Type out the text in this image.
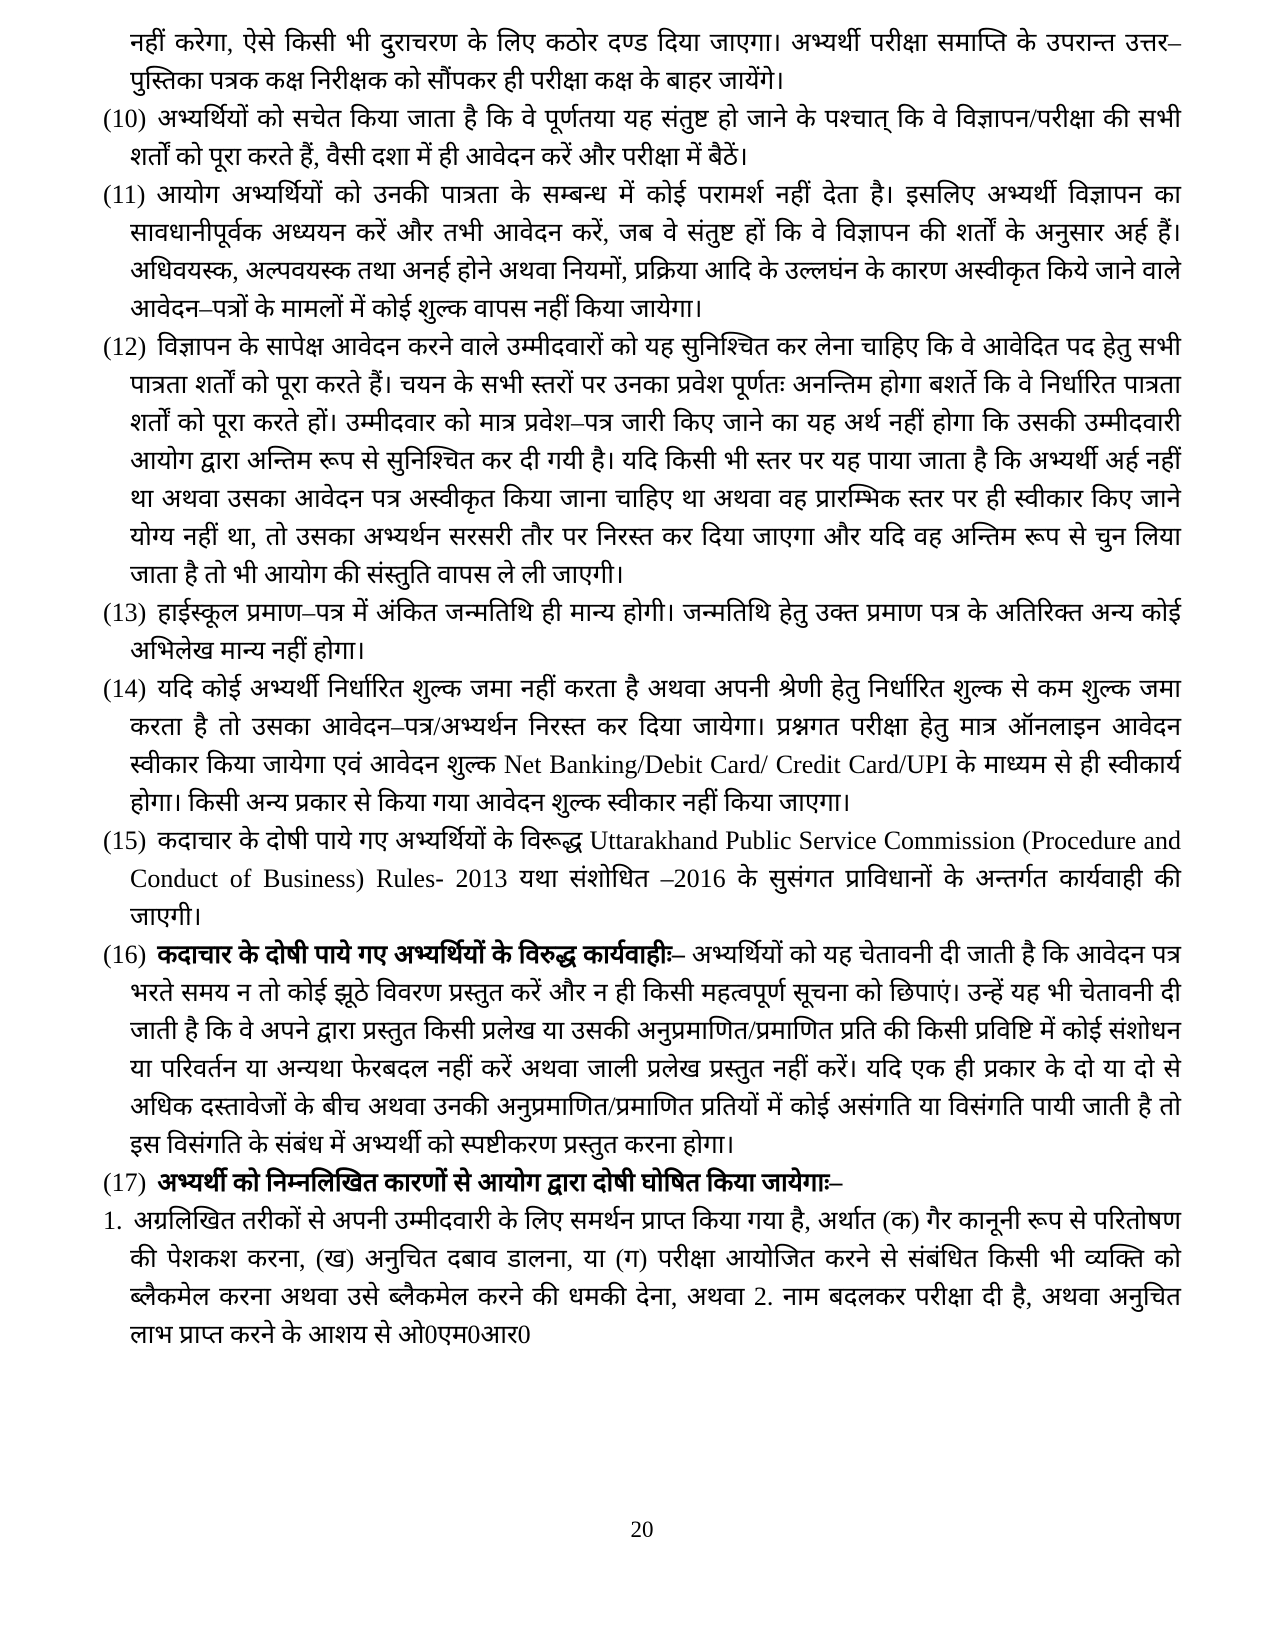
नहीं करेगा, ऐसे किसी भी दुराचरण के लिए कठोर दण्ड दिया जाएगा। अभ्यर्थी परीक्षा समाप्ति के उपरान्त उत्तर–पुस्तिका पत्रक कक्ष निरीक्षक को सौंपकर ही परीक्षा कक्ष के बाहर जायेंगे।

(10) अभ्यर्थियों को सचेत किया जाता है कि वे पूर्णतया यह संतुष्ट हो जाने के पश्चात् कि वे विज्ञापन/परीक्षा की सभी शर्तों को पूरा करते हैं, वैसी दशा में ही आवेदन करें और परीक्षा में बैठें।

(11) आयोग अभ्यर्थियों को उनकी पात्रता के सम्बन्ध में कोई परामर्श नहीं देता है। इसलिए अभ्यर्थी विज्ञापन का सावधानीपूर्वक अध्ययन करें और तभी आवेदन करें, जब वे संतुष्ट हों कि वे विज्ञापन की शर्तों के अनुसार अर्ह हैं। अधिवयस्क, अल्पवयस्क तथा अनर्ह होने अथवा नियमों, प्रक्रिया आदि के उल्लघंन के कारण अस्वीकृत किये जाने वाले आवेदन–पत्रों के मामलों में कोई शुल्क वापस नहीं किया जायेगा।

(12) विज्ञापन के सापेक्ष आवेदन करने वाले उम्मीदवारों को यह सुनिश्चित कर लेना चाहिए कि वे आवेदित पद हेतु सभी पात्रता शर्तों को पूरा करते हैं। चयन के सभी स्तरों पर उनका प्रवेश पूर्णतः अनन्तिम होगा बशर्ते कि वे निर्धारित पात्रता शर्तों को पूरा करते हों। उम्मीदवार को मात्र प्रवेश–पत्र जारी किए जाने का यह अर्थ नहीं होगा कि उसकी उम्मीदवारी आयोग द्वारा अन्तिम रूप से सुनिश्चित कर दी गयी है। यदि किसी भी स्तर पर यह पाया जाता है कि अभ्यर्थी अर्ह नहीं था अथवा उसका आवेदन पत्र अस्वीकृत किया जाना चाहिए था अथवा वह प्रारम्भिक स्तर पर ही स्वीकार किए जाने योग्य नहीं था, तो उसका अभ्यर्थन सरसरी तौर पर निरस्त कर दिया जाएगा और यदि वह अन्तिम रूप से चुन लिया जाता है तो भी आयोग की संस्तुति वापस ले ली जाएगी।

(13) हाईस्कूल प्रमाण–पत्र में अंकित जन्मतिथि ही मान्य होगी। जन्मतिथि हेतु उक्त प्रमाण पत्र के अतिरिक्त अन्य कोई अभिलेख मान्य नहीं होगा।

(14) यदि कोई अभ्यर्थी निर्धारित शुल्क जमा नहीं करता है अथवा अपनी श्रेणी हेतु निर्धारित शुल्क से कम शुल्क जमा करता है तो उसका आवेदन–पत्र/अभ्यर्थन निरस्त कर दिया जायेगा। प्रश्नगत परीक्षा हेतु मात्र ऑनलाइन आवेदन स्वीकार किया जायेगा एवं आवेदन शुल्क Net Banking/Debit Card/ Credit Card/UPI के माध्यम से ही स्वीकार्य होगा। किसी अन्य प्रकार से किया गया आवेदन शुल्क स्वीकार नहीं किया जाएगा।

(15) कदाचार के दोषी पाये गए अभ्यर्थियों के विरूद्ध Uttarakhand Public Service Commission (Procedure and Conduct of Business) Rules- 2013 यथा संशोधित –2016 के सुसंगत प्राविधानों के अन्तर्गत कार्यवाही की जाएगी।

(16) कदाचार के दोषी पाये गए अभ्यर्थियों के विरुद्ध कार्यवाहीः– अभ्यर्थियों को यह चेतावनी दी जाती है कि आवेदन पत्र भरते समय न तो कोई झूठे विवरण प्रस्तुत करें और न ही किसी महत्वपूर्ण सूचना को छिपाएं। उन्हें यह भी चेतावनी दी जाती है कि वे अपने द्वारा प्रस्तुत किसी प्रलेख या उसकी अनुप्रमाणित/प्रमाणित प्रति की किसी प्रविष्टि में कोई संशोधन या परिवर्तन या अन्यथा फेरबदल नहीं करें अथवा जाली प्रलेख प्रस्तुत नहीं करें। यदि एक ही प्रकार के दो या दो से अधिक दस्तावेजों के बीच अथवा उनकी अनुप्रमाणित/प्रमाणित प्रतियों में कोई असंगति या विसंगति पायी जाती है तो इस विसंगति के संबंध में अभ्यर्थी को स्पष्टीकरण प्रस्तुत करना होगा।

(17) अभ्यर्थी को निम्नलिखित कारणों से आयोग द्वारा दोषी घोषित किया जायेगाः–

1. अग्रलिखित तरीकों से अपनी उम्मीदवारी के लिए समर्थन प्राप्त किया गया है, अर्थात (क) गैर कानूनी रूप से परितोषण की पेशकश करना, (ख) अनुचित दबाव डालना, या (ग) परीक्षा आयोजित करने से संबंधित किसी भी व्यक्ति को ब्लैकमेल करना अथवा उसे ब्लैकमेल करने की धमकी देना, अथवा 2. नाम बदलकर परीक्षा दी है, अथवा अनुचित लाभ प्राप्त करने के आशय से ओ0एम0आर0

20
